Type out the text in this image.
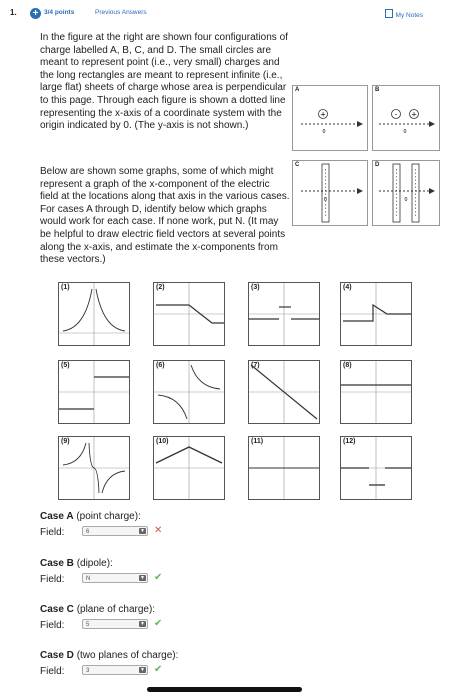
1. + 3/4 points	Previous Answers	My Notes
In the figure at the right are shown four configurations of charge labelled A, B, C, and D. The small circles are meant to represent point (i.e., very small) charges and the long rectangles are meant to represent infinite (i.e., large flat) sheets of charge whose area is perpendicular to this page. Through each figure is shown a dotted line representing the x-axis of a coordinate system with the origin indicated by 0. (The y-axis is not shown.)
Below are shown some graphs, some of which might represent a graph of the x-component of the electric field at the locations along that axis in the various cases. For cases A through D, identify below which graphs would work for each case. If none work, put N. (It may be helpful to draw electric field vectors at several points along the x-axis, and estimate the x-components from these vectors.)
A
+
0
B
- +
0
C
0
D
0
(1)	(2)	(3)	(4)
(5)	(6)	(7)	(8)
(9)	(10)	(11)	(12)
Case A (point charge):
Field:	6	▼ ✕
Case B (dipole):
Field:	N	▼ ✔
Case C (plane of charge):
Field:	5	▼ ✔
Case D (two planes of charge):
Field:	3	▼ ✔
